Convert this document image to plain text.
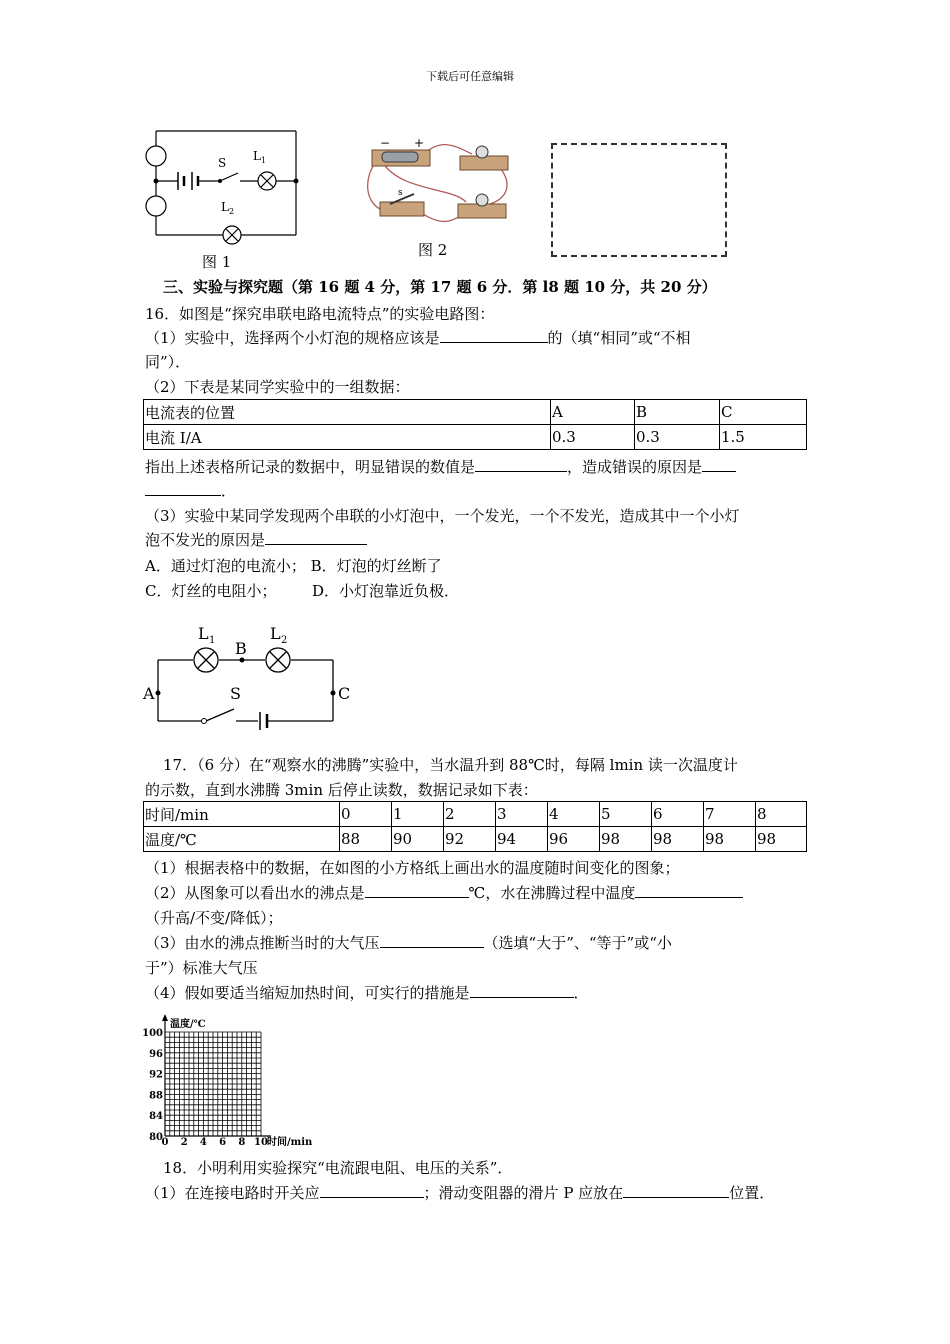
下载后可任意编辑
S L 1
L 2
图 1
− +
s
图 2
三、实验与探究题（第 16 题 4 分，第 17 题 6 分．第 l8 题 10 分，共 20 分）
16．如图是“探究串联电路电流特点”的实验电路图：
（1）实验中，选择两个小灯泡的规格应该是	的（填“相同”或“不相
同”）．
（2）下表是某同学实验中的一组数据：
电流表的位置	A	B	C
电流 I/A	0.3	0.3	1.5
指出上述表格所记录的数据中，明显错误的数值是	，造成错误的原因是
．
（3）实验中某同学发现两个串联的小灯泡中，一个发光，一个不发光，造成其中一个小灯
泡不发光的原因是
A．通过灯泡的电流小； B．灯泡的灯丝断了
C．灯丝的电阻小； D．小灯泡靠近负极．
L 1	L 2
B
A	C
S
17．（6 分）在“观察水的沸腾”实验中，当水温升到 88℃时，每隔 lmin 读一次温度计
的示数，直到水沸腾 3min 后停止读数，数据记录如下表：
时间/min	0	1	2	3	4	5	6	7	8
温度/℃	88	90	92	94	96	98	98	98	98
（1）根据表格中的数据，在如图的小方格纸上画出水的温度随时间变化的图象；
（2）从图象可以看出水的沸点是	℃，水在沸腾过程中温度
（升高/不变/降低）；
（3）由水的沸点推断当时的大气压	（选填“大于”、“等于”或“小
于”）标准大气压
（4）假如要适当缩短加热时间，可实行的措施是	．
温度/℃
时间/min
100
96
92
88
84
80
0 2 4 6 8 10
18．小明利用实验探究“电流跟电阻、电压的关系”．
（1）在连接电路时开关应	；滑动变阻器的滑片 P 应放在	位置．
